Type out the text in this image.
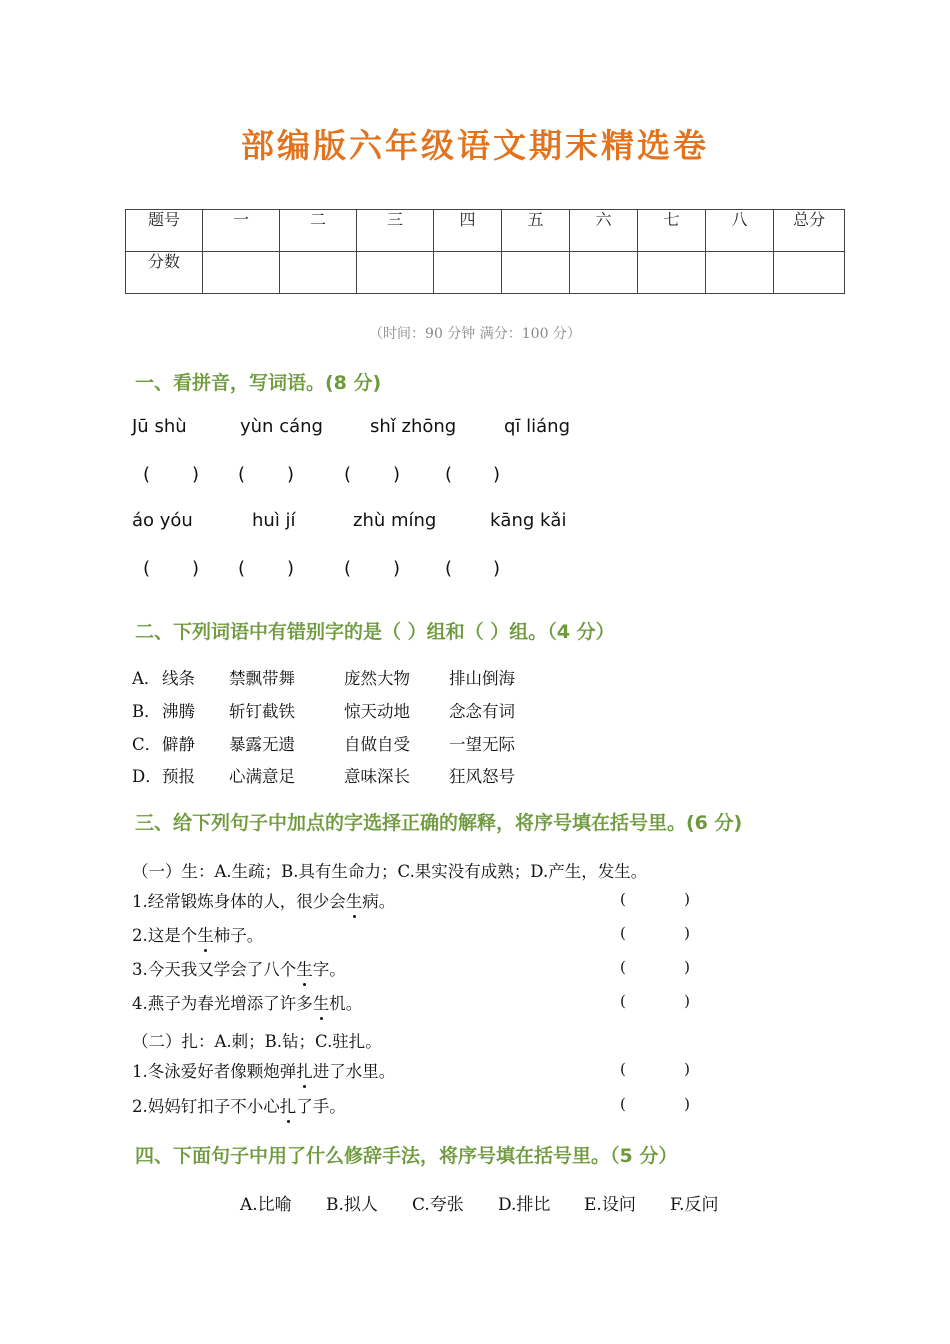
部编版六年级语文期末精选卷
题号	一	二	三	四	五	六	七	八	总分
分数									
（时间：90 分钟 满分：100 分）
一、看拼音，写词语。(8 分)
Jū shù	yùn cáng	shǐ zhōng	qī liáng
( ) ( )	( ) ( )
áo yóu	huì jí	zhù míng	kāng kǎi
( ) ( )	( ) ( )
二、下列词语中有错别字的是（ ）组和（ ）组。（4 分）
A． 线条 禁飘带舞	庞然大物 排山倒海
B． 沸腾 斩钉截铁	惊天动地 念念有词
C． 僻静 暴露无遗	自做自受 一望无际
D． 预报 心满意足	意味深长 狂风怒号
三、给下列句子中加点的字选择正确的解释，将序号填在括号里。(6 分)
（一）生：A.生疏；B.具有生命力；C.果实没有成熟；D.产生，发生。
1.经常锻炼身体的人，很少会生病。	(	)
2.这是个生柿子。	(	)
3.今天我又学会了八个生字。	(	)
4.燕子为春光增添了许多生机。	(	)
（二）扎：A.刺；B.钻；C.驻扎。
1.冬泳爱好者像颗炮弹扎进了水里。	(	)
2.妈妈钉扣子不小心扎了手。	(	)
四、下面句子中用了什么修辞手法，将序号填在括号里。（5 分）
A.比喻 B.拟人 C.夸张 D.排比 E.设问 F.反问
